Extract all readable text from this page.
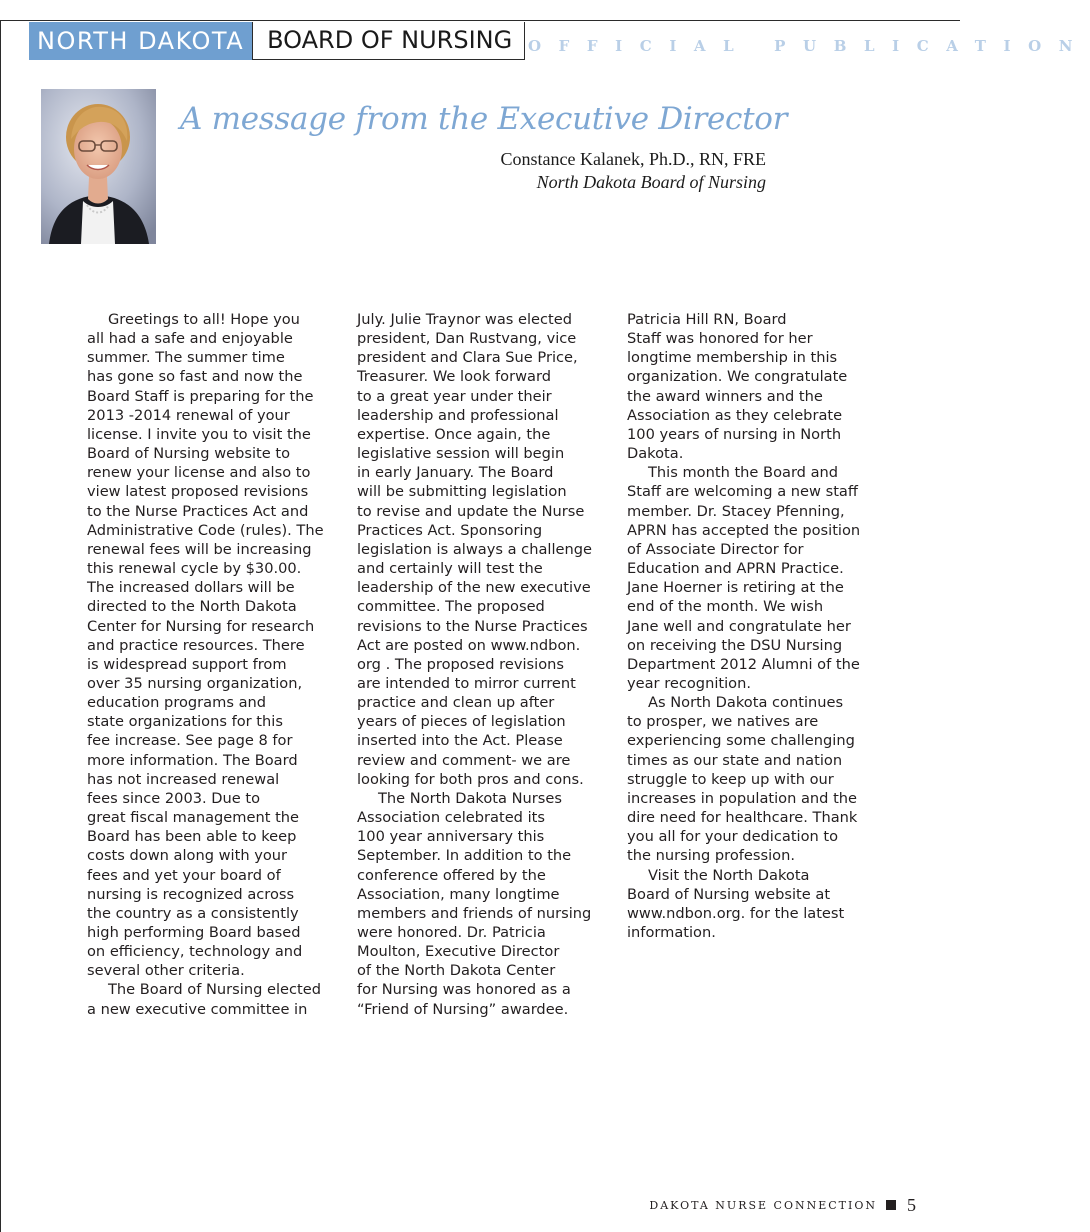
NORTH DAKOTA BOARD OF NURSING	OFFICIAL PUBLICATION
A message from the Executive Director
Constance Kalanek, Ph.D., RN, FRE
North Dakota Board of Nursing
Greetings to all! Hope you
all had a safe and enjoyable
summer. The summer time
has gone so fast and now the
Board Staff is preparing for the
2013 -2014 renewal of your
license. I invite you to visit the
Board of Nursing website to
renew your license and also to
view latest proposed revisions
to the Nurse Practices Act and
Administrative Code (rules). The
renewal fees will be increasing
this renewal cycle by $30.00.
The increased dollars will be
directed to the North Dakota
Center for Nursing for research
and practice resources. There
is widespread support from
over 35 nursing organization,
education programs and
state organizations for this
fee increase. See page 8 for
more information. The Board
has not increased renewal
fees since 2003. Due to
great fiscal management the
Board has been able to keep
costs down along with your
fees and yet your board of
nursing is recognized across
the country as a consistently
high performing Board based
on efficiency, technology and
several other criteria.
The Board of Nursing elected
a new executive committee in
July. Julie Traynor was elected
president, Dan Rustvang, vice
president and Clara Sue Price,
Treasurer. We look forward
to a great year under their
leadership and professional
expertise. Once again, the
legislative session will begin
in early January. The Board
will be submitting legislation
to revise and update the Nurse
Practices Act. Sponsoring
legislation is always a challenge
and certainly will test the
leadership of the new executive
committee. The proposed
revisions to the Nurse Practices
Act are posted on www.ndbon.
org . The proposed revisions
are intended to mirror current
practice and clean up after
years of pieces of legislation
inserted into the Act. Please
review and comment- we are
looking for both pros and cons.
The North Dakota Nurses
Association celebrated its
100 year anniversary this
September. In addition to the
conference offered by the
Association, many longtime
members and friends of nursing
were honored. Dr. Patricia
Moulton, Executive Director
of the North Dakota Center
for Nursing was honored as a
“Friend of Nursing” awardee.
Patricia Hill RN, Board
Staff was honored for her
longtime membership in this
organization. We congratulate
the award winners and the
Association as they celebrate
100 years of nursing in North
Dakota.
This month the Board and
Staff are welcoming a new staff
member. Dr. Stacey Pfenning,
APRN has accepted the position
of Associate Director for
Education and APRN Practice.
Jane Hoerner is retiring at the
end of the month. We wish
Jane well and congratulate her
on receiving the DSU Nursing
Department 2012 Alumni of the
year recognition.
As North Dakota continues
to prosper, we natives are
experiencing some challenging
times as our state and nation
struggle to keep up with our
increases in population and the
dire need for healthcare. Thank
you all for your dedication to
the nursing profession.
Visit the North Dakota
Board of Nursing website at
www.ndbon.org. for the latest
information.
DAKOTA NURSE CONNECTION 5
